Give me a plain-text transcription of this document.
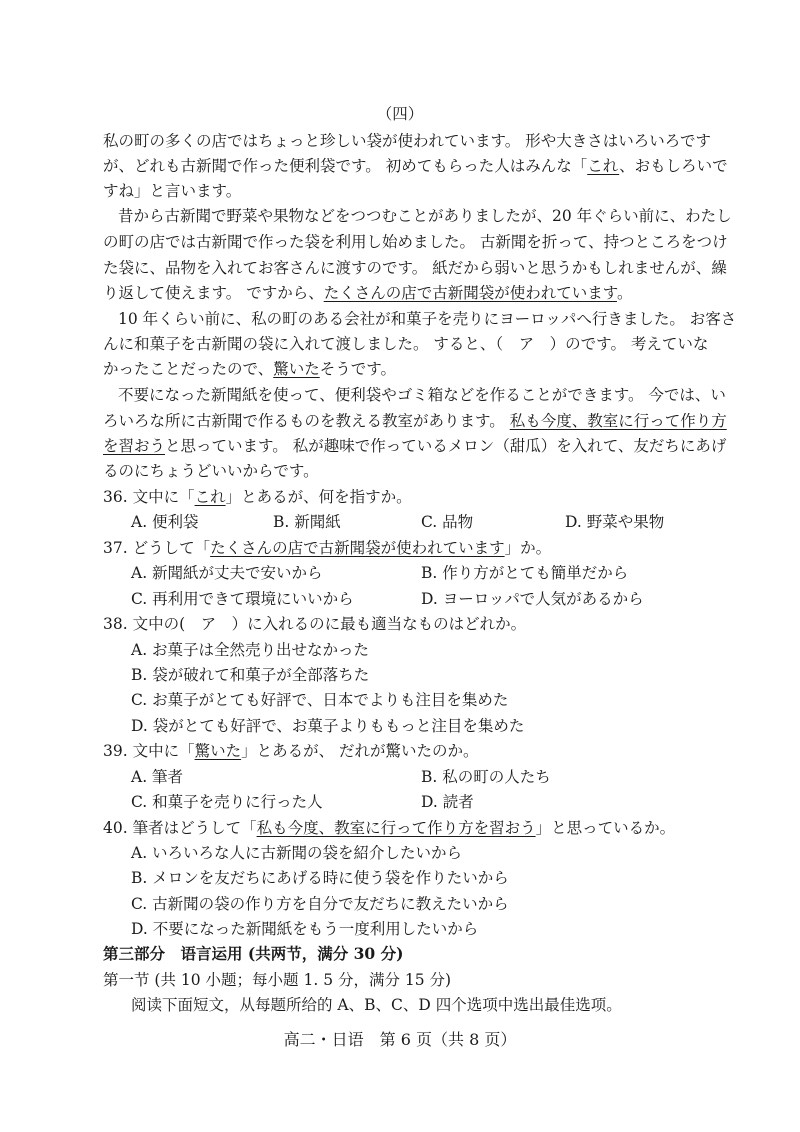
（四）
私の町の多くの店ではちょっと珍しい袋が使われています。 形や大きさはいろいろです
が、どれも古新聞で作った便利袋です。 初めてもらった人はみんな「これ、おもしろいで
すね」と言います。
昔から古新聞で野菜や果物などをつつむことがありましたが、20 年ぐらい前に、わたし
の町の店では古新聞で作った袋を利用し始めました。 古新聞を折って、持つところをつけ
た袋に、品物を入れてお客さんに渡すのです。 紙だから弱いと思うかもしれませんが、繰
り返して使えます。 ですから、たくさんの店で古新聞袋が使われています。
10 年くらい前に、私の町のある会社が和菓子を売りにヨーロッパへ行きました。 お客さ
んに和菓子を古新聞の袋に入れて渡しました。 すると、（　ア　）のです。 考えていな
かったことだったので、驚いたそうです。
不要になった新聞紙を使って、便利袋やゴミ箱などを作ることができます。 今では、い
ろいろな所に古新聞で作るものを教える教室があります。 私も今度、教室に行って作り方
を習おうと思っています。 私が趣味で作っているメロン（甜瓜）を入れて、友だちにあげ
るのにちょうどいいからです。
36. 文中に「これ」とあるが、何を指すか。
A. 便利袋	B. 新聞紙	C. 品物	D. 野菜や果物
37. どうして「たくさんの店で古新聞袋が使われています」か。
A. 新聞紙が丈夫で安いから	B. 作り方がとても簡単だから
C. 再利用できて環境にいいから	D. ヨーロッパで人気があるから
38. 文中の(　ア　）に入れるのに最も適当なものはどれか。
A. お菓子は全然売り出せなかった
B. 袋が破れて和菓子が全部落ちた
C. お菓子がとても好評で、日本でよりも注目を集めた
D. 袋がとても好評で、お菓子よりももっと注目を集めた
39. 文中に「驚いた」とあるが、 だれが驚いたのか。
A. 筆者	B. 私の町の人たち
C. 和菓子を売りに行った人	D. 読者
40. 筆者はどうして「私も今度、教室に行って作り方を習おう」と思っているか。
A. いろいろな人に古新聞の袋を紹介したいから
B. メロンを友だちにあげる時に使う袋を作りたいから
C. 古新聞の袋の作り方を自分で友だちに教えたいから
D. 不要になった新聞紙をもう一度利用したいから
第三部分　语言运用 (共两节，满分 30 分)
第一节 (共 10 小题；每小题 1. 5 分，满分 15 分)
阅读下面短文，从每题所给的 A、B、C、D 四个选项中选出最佳选项。
高二・日语　第 6 页（共 8 页）
